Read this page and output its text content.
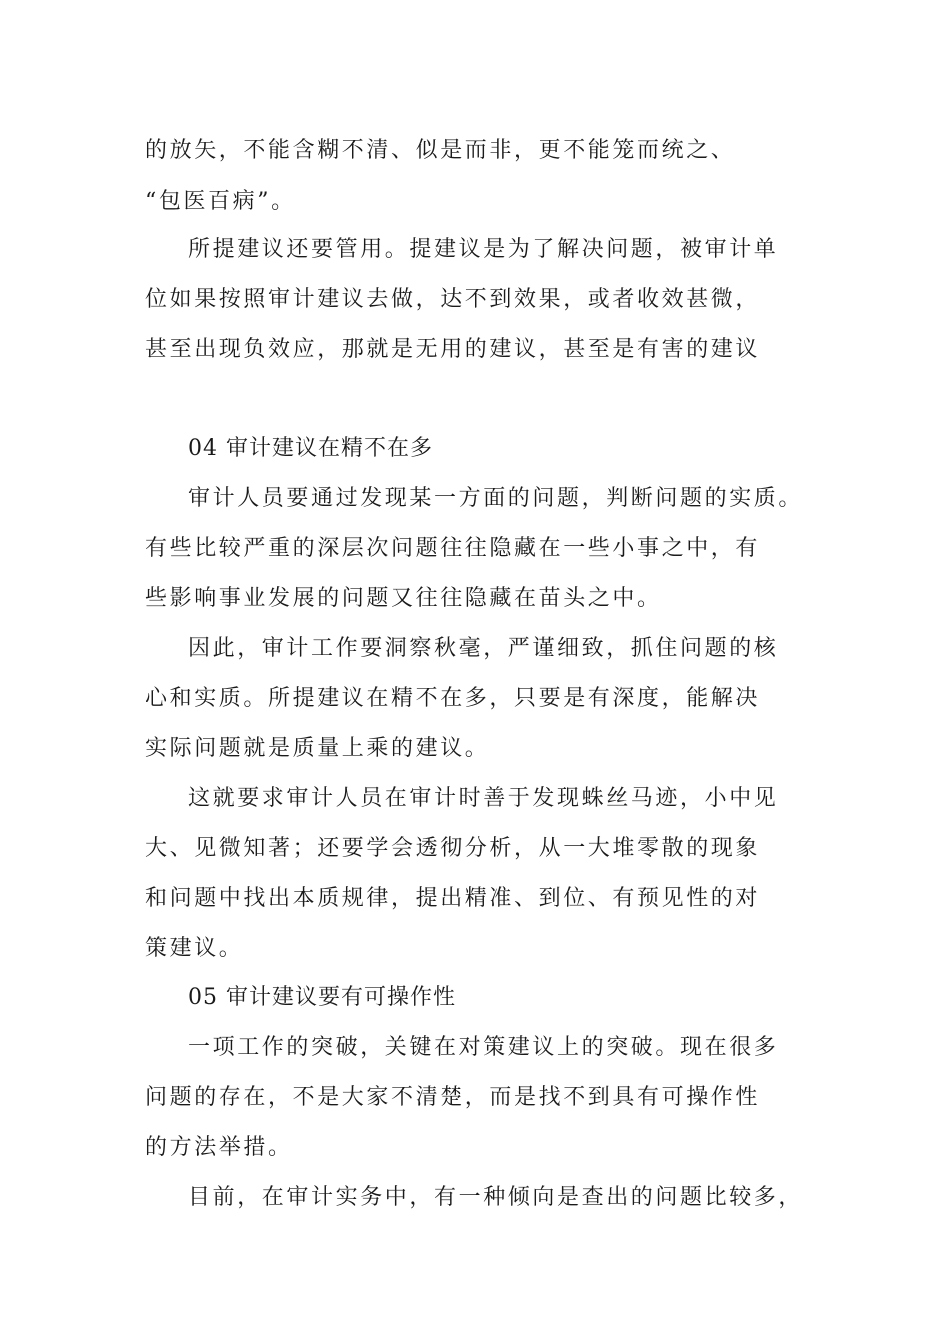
的放矢，不能含糊不清、似是而非，更不能笼而统之、

“包医百病”。

所提建议还要管用。提建议是为了解决问题，被审计单

位如果按照审计建议去做，达不到效果，或者收效甚微，

甚至出现负效应，那就是无用的建议，甚至是有害的建议

04 审计建议在精不在多

审计人员要通过发现某一方面的问题，判断问题的实质。

有些比较严重的深层次问题往往隐藏在一些小事之中，有

些影响事业发展的问题又往往隐藏在苗头之中。

因此，审计工作要洞察秋毫，严谨细致，抓住问题的核

心和实质。所提建议在精不在多，只要是有深度，能解决

实际问题就是质量上乘的建议。

这就要求审计人员在审计时善于发现蛛丝马迹，小中见

大、见微知著；还要学会透彻分析，从一大堆零散的现象

和问题中找出本质规律，提出精准、到位、有预见性的对

策建议。

05 审计建议要有可操作性

一项工作的突破，关键在对策建议上的突破。现在很多

问题的存在，不是大家不清楚，而是找不到具有可操作性

的方法举措。

目前，在审计实务中，有一种倾向是查出的问题比较多，
